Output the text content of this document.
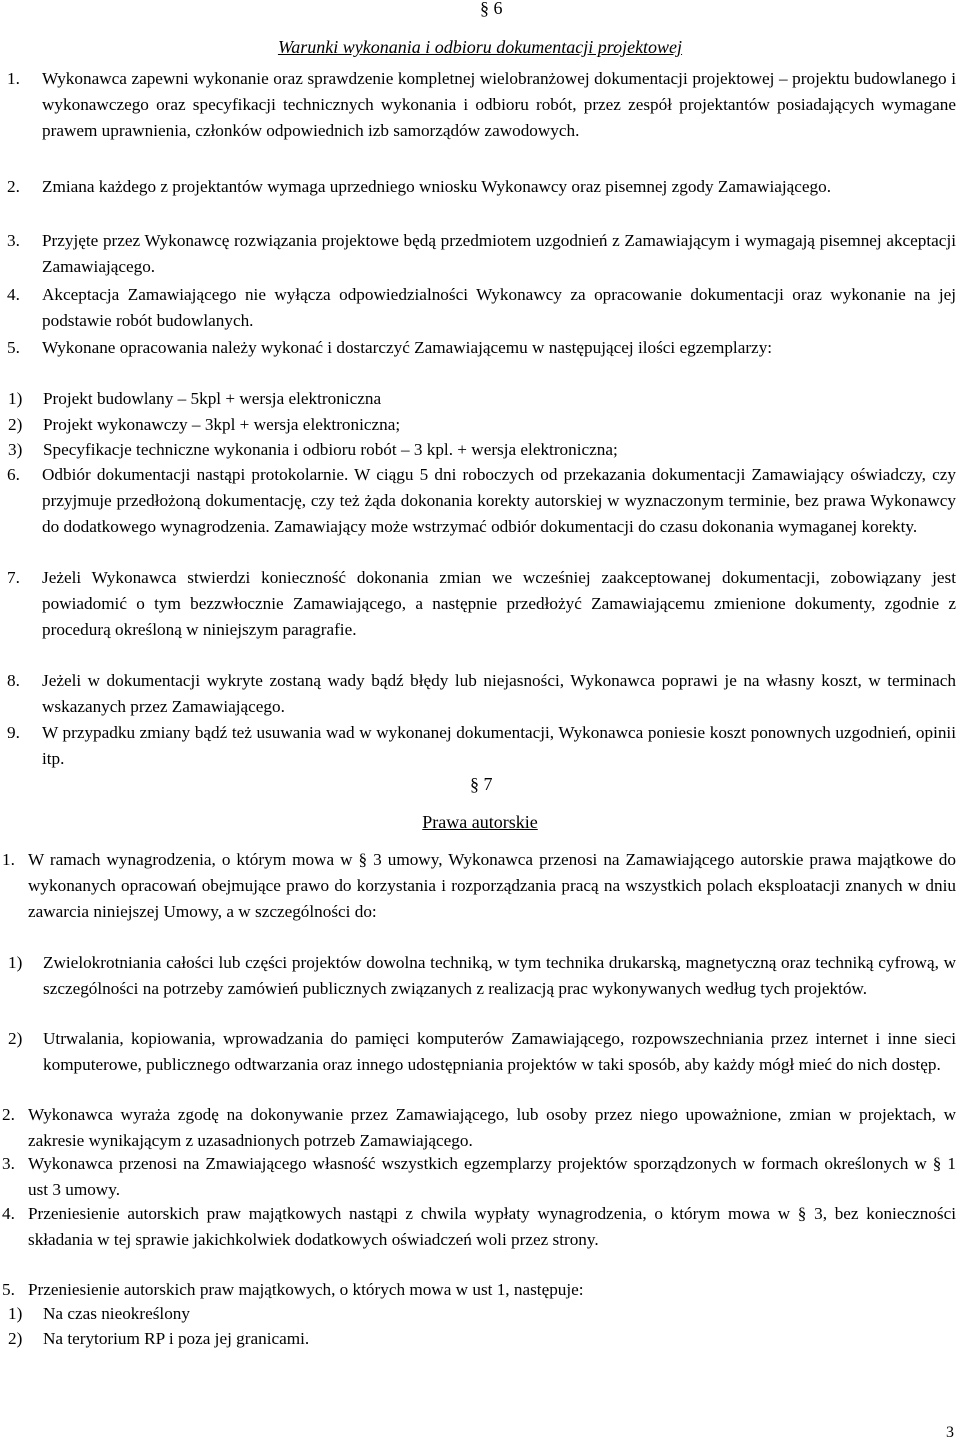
§ 6
Warunki wykonania i odbioru dokumentacji projektowej
1. Wykonawca zapewni wykonanie oraz sprawdzenie kompletnej wielobranżowej dokumentacji projektowej – projektu budowlanego i wykonawczego oraz specyfikacji technicznych wykonania i odbioru robót, przez zespół projektantów posiadających wymagane prawem uprawnienia, członków odpowiednich izb samorządów zawodowych.
2. Zmiana każdego z projektantów wymaga uprzedniego wniosku Wykonawcy oraz pisemnej zgody Zamawiającego.
3. Przyjęte przez Wykonawcę rozwiązania projektowe będą przedmiotem uzgodnień z Zamawiającym i wymagają pisemnej akceptacji Zamawiającego.
4. Akceptacja Zamawiającego nie wyłącza odpowiedzialności Wykonawcy za opracowanie dokumentacji oraz wykonanie na jej podstawie robót budowlanych.
5. Wykonane opracowania należy wykonać i dostarczyć Zamawiającemu w następującej ilości egzemplarzy:
1) Projekt budowlany – 5kpl + wersja elektroniczna
2) Projekt wykonawczy – 3kpl + wersja elektroniczna;
3) Specyfikacje techniczne wykonania i odbioru robót – 3 kpl. + wersja elektroniczna;
6. Odbiór dokumentacji nastąpi protokolarnie. W ciągu 5 dni roboczych od przekazania dokumentacji Zamawiający oświadczy, czy przyjmuje przedłożoną dokumentację, czy też żąda dokonania korekty autorskiej w wyznaczonym terminie, bez prawa Wykonawcy do dodatkowego wynagrodzenia. Zamawiający może wstrzymać odbiór dokumentacji do czasu dokonania wymaganej korekty.
7. Jeżeli Wykonawca stwierdzi konieczność dokonania zmian we wcześniej zaakceptowanej dokumentacji, zobowiązany jest powiadomić o tym bezzwłocznie Zamawiającego, a następnie przedłożyć Zamawiającemu zmienione dokumenty, zgodnie z procedurą określoną w niniejszym paragrafie.
8. Jeżeli w dokumentacji wykryte zostaną wady bądź błędy lub niejasności, Wykonawca poprawi je na własny koszt, w terminach wskazanych przez Zamawiającego.
9. W przypadku zmiany bądź też usuwania wad w wykonanej dokumentacji, Wykonawca poniesie koszt ponownych uzgodnień, opinii itp.
§ 7
Prawa autorskie
1. W ramach wynagrodzenia, o którym mowa w § 3 umowy, Wykonawca przenosi na Zamawiającego autorskie prawa majątkowe do wykonanych opracowań obejmujące prawo do korzystania i rozporządzania pracą na wszystkich polach eksploatacji znanych w dniu zawarcia niniejszej Umowy, a w szczególności do:
1) Zwielokrotniania całości lub części projektów dowolna techniką, w tym technika drukarską, magnetyczną oraz techniką cyfrową, w szczególności na potrzeby zamówień publicznych związanych z realizacją prac wykonywanych według tych projektów.
2) Utrwalania, kopiowania, wprowadzania do pamięci komputerów Zamawiającego, rozpowszechniania przez internet i inne sieci komputerowe, publicznego odtwarzania oraz innego udostępniania projektów w taki sposób, aby każdy mógł mieć do nich dostęp.
2. Wykonawca wyraża zgodę na dokonywanie przez Zamawiającego, lub osoby przez niego upoważnione, zmian w projektach, w zakresie wynikającym z uzasadnionych potrzeb Zamawiającego.
3. Wykonawca przenosi na Zmawiającego własność wszystkich egzemplarzy projektów sporządzonych w formach określonych w § 1 ust 3 umowy.
4. Przeniesienie autorskich praw majątkowych nastąpi z chwila wypłaty wynagrodzenia, o którym mowa w § 3, bez konieczności składania w tej sprawie jakichkolwiek dodatkowych oświadczeń woli przez strony.
5. Przeniesienie autorskich praw majątkowych, o których mowa w ust 1, następuje:
1) Na czas nieokreślony
2) Na terytorium RP i poza jej granicami.
3
